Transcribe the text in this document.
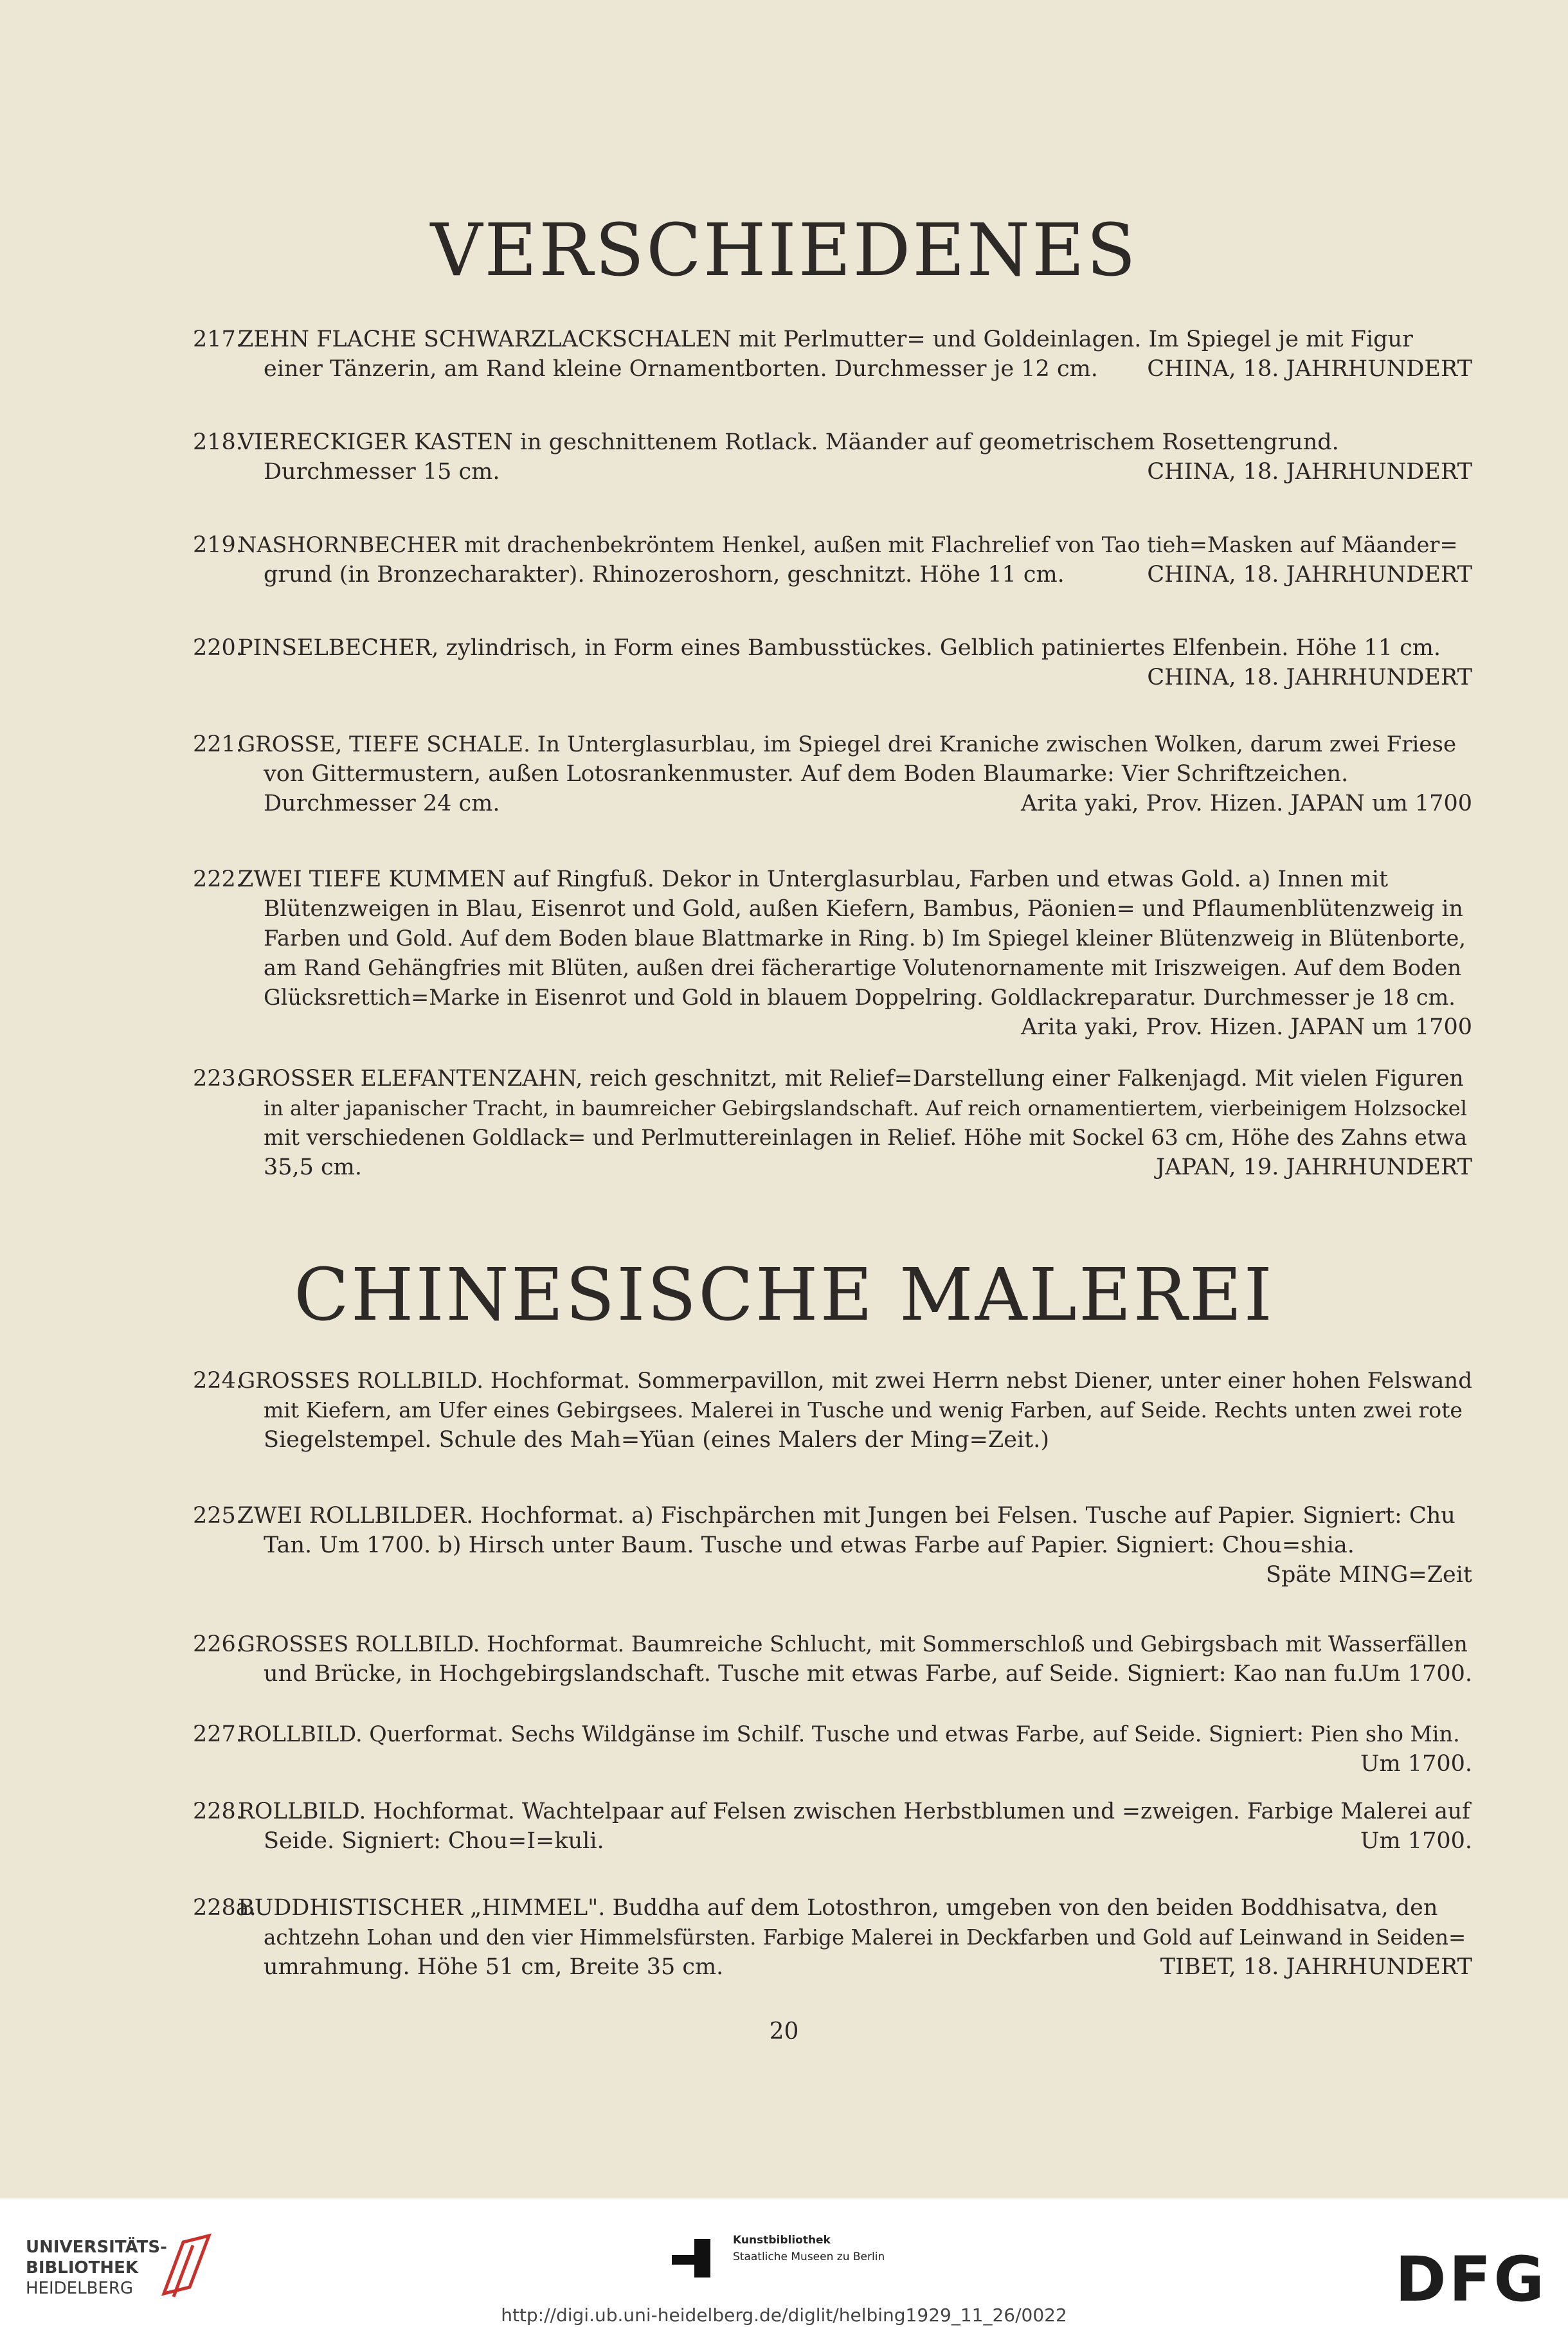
VERSCHIEDENES
217.
ZEHN FLACHE SCHWARZLACKSCHALEN mit Perlmutter= und Goldeinlagen. Im Spiegel je mit Figur
einer Tänzerin, am Rand kleine Ornamentborten. Durchmesser je 12 cm.	CHINA, 18. JAHRHUNDERT
218.
VIERECKIGER KASTEN in geschnittenem Rotlack. Mäander auf geometrischem Rosettengrund.
Durchmesser 15 cm.	CHINA, 18. JAHRHUNDERT
219.
NASHORNBECHER mit drachenbekröntem Henkel, außen mit Flachrelief von Tao tieh=Masken auf Mäander=
grund (in Bronzecharakter). Rhinozeroshorn, geschnitzt. Höhe 11 cm.	CHINA, 18. JAHRHUNDERT
220.
PINSELBECHER, zylindrisch, in Form eines Bambusstückes. Gelblich patiniertes Elfenbein. Höhe 11 cm.
CHINA, 18. JAHRHUNDERT
221.
GROSSE, TIEFE SCHALE. In Unterglasurblau, im Spiegel drei Kraniche zwischen Wolken, darum zwei Friese
von Gittermustern, außen Lotosrankenmuster. Auf dem Boden Blaumarke: Vier Schriftzeichen.
Durchmesser 24 cm.	Arita yaki, Prov. Hizen. JAPAN um 1700
222.
ZWEI TIEFE KUMMEN auf Ringfuß. Dekor in Unterglasurblau, Farben und etwas Gold. a) Innen mit
Blütenzweigen in Blau, Eisenrot und Gold, außen Kiefern, Bambus, Päonien= und Pflaumenblütenzweig in
Farben und Gold. Auf dem Boden blaue Blattmarke in Ring. b) Im Spiegel kleiner Blütenzweig in Blütenborte,
am Rand Gehängfries mit Blüten, außen drei fächerartige Volutenornamente mit Iriszweigen. Auf dem Boden
Glücksrettich=Marke in Eisenrot und Gold in blauem Doppelring. Goldlackreparatur. Durchmesser je 18 cm.
Arita yaki, Prov. Hizen. JAPAN um 1700
223.
GROSSER ELEFANTENZAHN, reich geschnitzt, mit Relief=Darstellung einer Falkenjagd. Mit vielen Figuren
in alter japanischer Tracht, in baumreicher Gebirgslandschaft. Auf reich ornamentiertem, vierbeinigem Holzsockel
mit verschiedenen Goldlack= und Perlmuttereinlagen in Relief. Höhe mit Sockel 63 cm, Höhe des Zahns etwa
35,5 cm.	JAPAN, 19. JAHRHUNDERT
CHINESISCHE MALEREI
224.
GROSSES ROLLBILD. Hochformat. Sommerpavillon, mit zwei Herrn nebst Diener, unter einer hohen Felswand
mit Kiefern, am Ufer eines Gebirgsees. Malerei in Tusche und wenig Farben, auf Seide. Rechts unten zwei rote
Siegelstempel. Schule des Mah=Yüan (eines Malers der Ming=Zeit.)
225.
ZWEI ROLLBILDER. Hochformat. a) Fischpärchen mit Jungen bei Felsen. Tusche auf Papier. Signiert: Chu
Tan. Um 1700. b) Hirsch unter Baum. Tusche und etwas Farbe auf Papier. Signiert: Chou=shia.
Späte MING=Zeit
226.
GROSSES ROLLBILD. Hochformat. Baumreiche Schlucht, mit Sommerschloß und Gebirgsbach mit Wasserfällen
und Brücke, in Hochgebirgslandschaft. Tusche mit etwas Farbe, auf Seide. Signiert: Kao nan fu.
Um 1700.
227.
ROLLBILD. Querformat. Sechs Wildgänse im Schilf. Tusche und etwas Farbe, auf Seide. Signiert: Pien sho Min.
Um 1700.
228.
ROLLBILD. Hochformat. Wachtelpaar auf Felsen zwischen Herbstblumen und =zweigen. Farbige Malerei auf
Seide. Signiert: Chou=I=kuli.	Um 1700.
228a.
BUDDHISTISCHER „HIMMEL". Buddha auf dem Lotosthron, umgeben von den beiden Boddhisatva, den
achtzehn Lohan und den vier Himmelsfürsten. Farbige Malerei in Deckfarben und Gold auf Leinwand in Seiden=
umrahmung. Höhe 51 cm, Breite 35 cm.	TIBET, 18. JAHRHUNDERT
20
UNIVERSITÄTS-
BIBLIOTHEK
HEIDELBERG
Kunstbibliothek
Staatliche Museen zu Berlin	DFG
http://digi.ub.uni-heidelberg.de/diglit/helbing1929_11_26/0022
